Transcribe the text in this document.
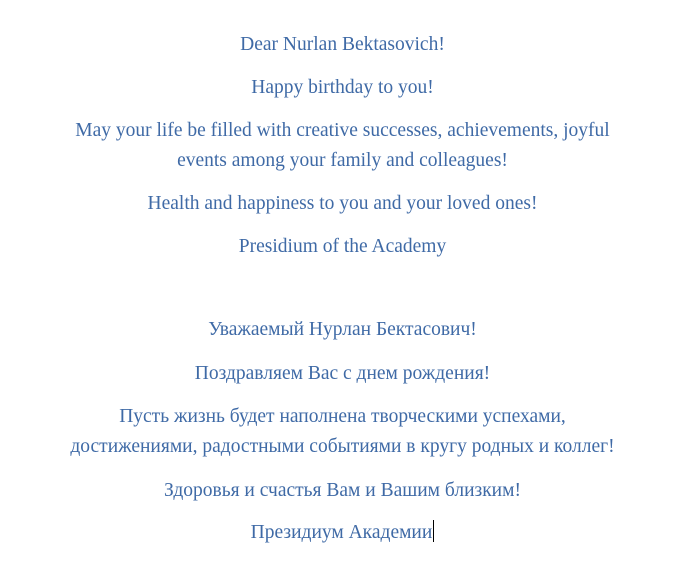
Dear Nurlan Bektasovich!
Happy birthday to you!
May your life be filled with creative successes, achievements, joyful
events among your family and colleagues!
Health and happiness to you and your loved ones!
Presidium of the Academy
Уважаемый Нурлан Бектасович!
Поздравляем Вас с днем рождения!
Пусть жизнь будет наполнена творческими успехами,
достижениями, радостными событиями в кругу родных и коллег!
Здоровья и счастья Вам и Вашим близким!
Президиум Академии
